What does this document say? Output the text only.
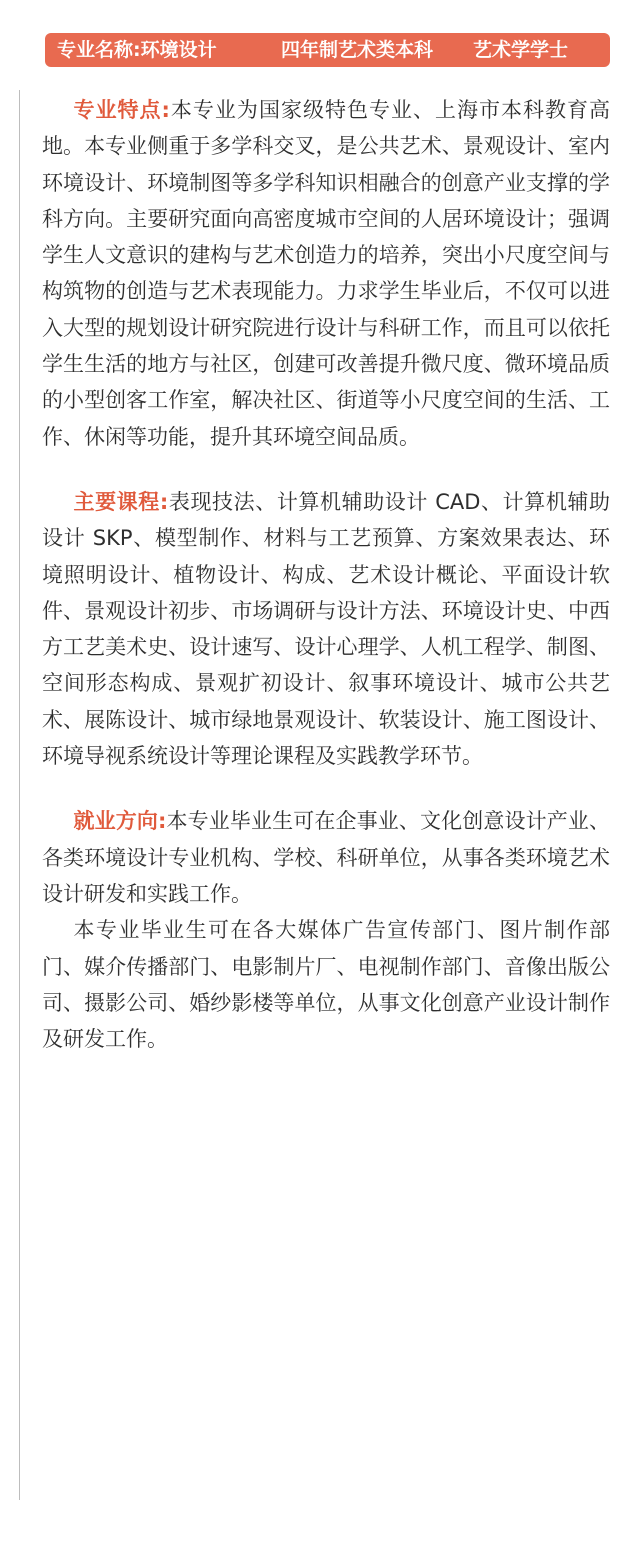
专业名称:环境设计	四年制艺术类本科 艺术学学士

专业特点:本专业为国家级特色专业、上海市本科教育高地。本专业侧重于多学科交叉，是公共艺术、景观设计、室内环境设计、环境制图等多学科知识相融合的创意产业支撑的学科方向。主要研究面向高密度城市空间的人居环境设计；强调学生人文意识的建构与艺术创造力的培养，突出小尺度空间与构筑物的创造与艺术表现能力。力求学生毕业后，不仅可以进入大型的规划设计研究院进行设计与科研工作，而且可以依托学生生活的地方与社区，创建可改善提升微尺度、微环境品质的小型创客工作室，解决社区、街道等小尺度空间的生活、工作、休闲等功能，提升其环境空间品质。

主要课程:表现技法、计算机辅助设计 CAD、计算机辅助设计 SKP、模型制作、材料与工艺预算、方案效果表达、环境照明设计、植物设计、构成、艺术设计概论、平面设计软件、景观设计初步、市场调研与设计方法、环境设计史、中西方工艺美术史、设计速写、设计心理学、人机工程学、制图、空间形态构成、景观扩初设计、叙事环境设计、城市公共艺术、展陈设计、城市绿地景观设计、软装设计、施工图设计、环境导视系统设计等理论课程及实践教学环节。

就业方向:本专业毕业生可在企事业、文化创意设计产业、各类环境设计专业机构、学校、科研单位，从事各类环境艺术设计研发和实践工作。

本专业毕业生可在各大媒体广告宣传部门、图片制作部门、媒介传播部门、电影制片厂、电视制作部门、音像出版公司、摄影公司、婚纱影楼等单位，从事文化创意产业设计制作及研发工作。
